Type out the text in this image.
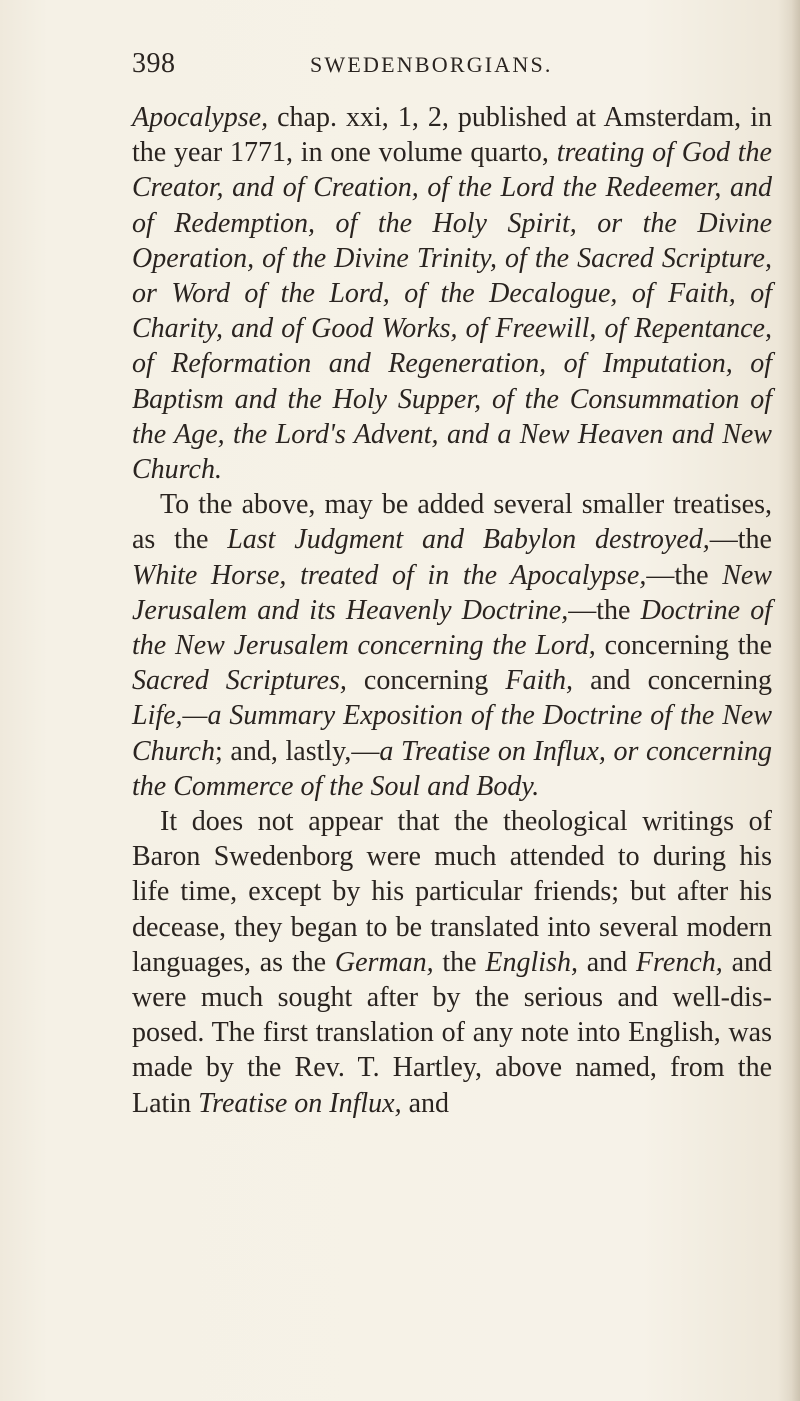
398	SWEDENBORGIANS.

Apocalypse, chap. xxi, 1, 2, published at Amsterdam, in the year 1771, in one volume quarto, treating of God the Creator, and of Creation, of the Lord the Redeemer, and of Redemption, of the Holy Spirit, or the Divine Operation, of the Divine Trinity, of the Sacred Scripture, or Word of the Lord, of the Decalogue, of Faith, of Charity, and of Good Works, of Freewill, of Repentance, of Reformation and Regeneration, of Imputation, of Baptism and the Holy Supper, of the Consummation of the Age, the Lord's Advent, and a New Heaven and New Church.

To the above, may be added several smaller treatises, as the Last Judgment and Babylon destroyed,—the White Horse, treated of in the Apocalypse,—the New Jerusalem and its Heavenly Doctrine,—the Doctrine of the New Jerusalem concerning the Lord, concerning the Sacred Scriptures, concerning Faith, and concerning Life,—a Summary Exposition of the Doctrine of the New Church; and, lastly,—a Treatise on Influx, or concerning the Commerce of the Soul and Body.

It does not appear that the theological writings of Baron Swedenborg were much attended to during his life time, except by his particular friends; but after his decease, they began to be translated into several modern languages, as the German, the English, and French, and were much sought after by the serious and well-disposed. The first translation of any note into English, was made by the Rev. T. Hartley, above named, from the Latin Treatise on Influx, and
